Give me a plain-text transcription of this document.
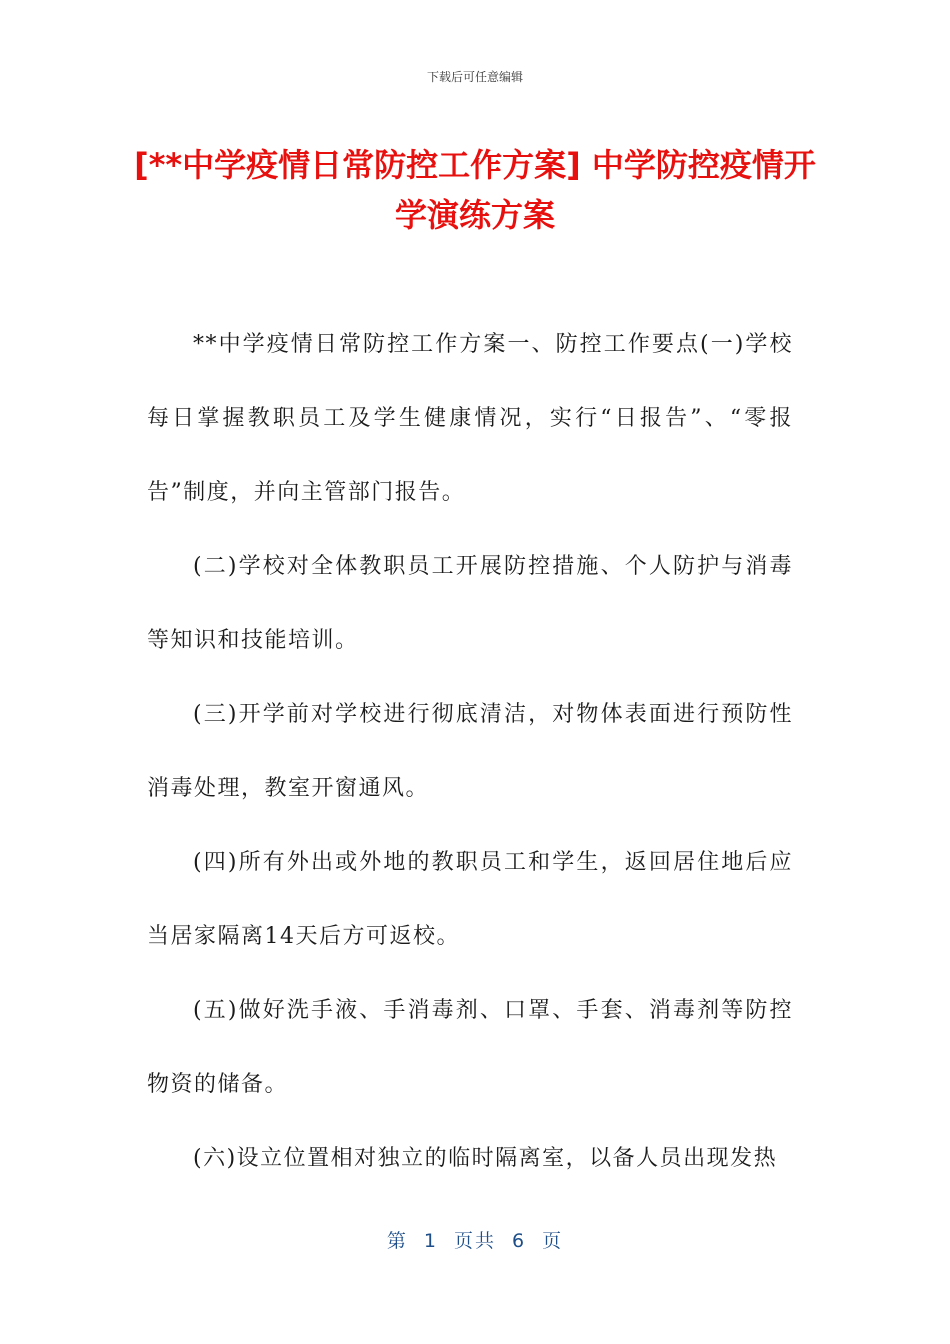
下载后可任意编辑
[**中学疫情日常防控工作方案] 中学防控疫情开学演练方案

**中学疫情日常防控工作方案一、防控工作要点(一)学校每日掌握教职员工及学生健康情况，实行“日报告”、“零报告”制度，并向主管部门报告。

(二)学校对全体教职员工开展防控措施、个人防护与消毒等知识和技能培训。

(三)开学前对学校进行彻底清洁，对物体表面进行预防性消毒处理，教室开窗通风。

(四)所有外出或外地的教职员工和学生，返回居住地后应当居家隔离14天后方可返校。

(五)做好洗手液、手消毒剂、口罩、手套、消毒剂等防控物资的储备。

(六)设立位置相对独立的临时隔离室，以备人员出现发热

第 1 页共 6 页
